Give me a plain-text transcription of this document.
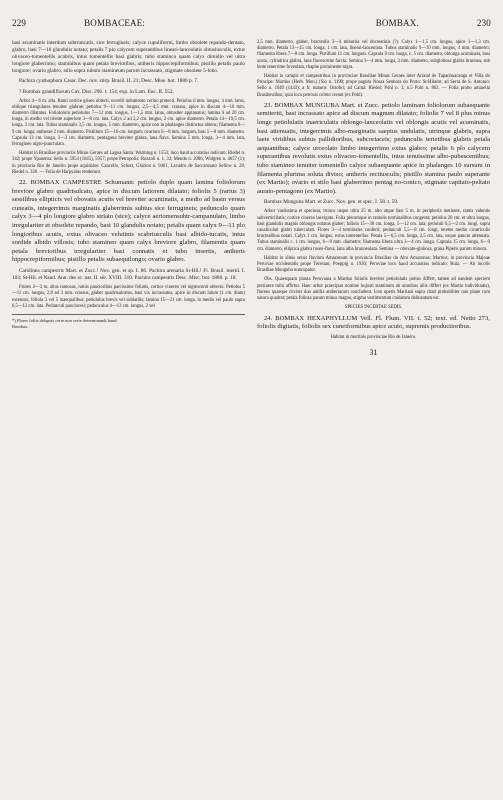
229	BOMBACEAE:	BOMBAX.	230

basi acuminatis interdum subtruncatis, sice ferrugineis; calyce cupuliformi, limbo obsolete repando-dentato, glabro, basi 7—10 glandulis notato; petalis 7 plo calycem superantibus lineari-lanceolatis obtusiusculis, extus olivaceo-tomentellis acabris, intus tomentellis basi glabris; tubo staminco quam calyx dimidio vel ultra longiore glaberrimo; staminibus quam petala brevioribus, antheris hippocrepiformibus; pistillo petalis paulo longiore; ovario glabro, stilo supra tubum stamineum parum incrassato, stigmate obsolete 5-lobo.

Pachira cyathophora Casar. Dec. nov. stirp. Brasil. II. 21; Desc. Mise. bot. 1880 p. 7.

? Bombax grandiflorum Cav. Diss. 296. t. 154, exp. in Lam. Enc. II. 552.

Arbor 4—6 m. alta. Rami cortice griseo obtecti, novelli indumento cerino protecti. Petiolus 6 mm. longus, 4 mm. latus, oblique triangulares tenuiter glabrae; petiolus 9—11 cm. longus, 2,5—4,5 mm. crassus, apice in discum 4—10 mm. diametro dilatatus. Foliolorum petiolulus 7—12 mm. longus, 1—1,5 mm. latus, obtusiter applanatus; lamina 6 ad 20 cm. longa, in medio vel triente superiore 3—8 cm. lata. Calyx 2 ad 2,2 cm. longus, 2 cm. apice diametro. Petala 14—19,5 cm. longa, 2 cm. lata. Tubus staminalis 3,5 cm. longus, 5 mm. diametro, apice non in phalanges distinctus abiens; filamenta 8—9 cm. longa; antherae 2 mm. diametro. Pistillum 15—16 cm. longum; ovarium 6—8 mm. longum, basi 5—8 mm. diametro. Capsula 13 cm. longa, 3—3 cm. diametro, pentagona breviter glabra, lana flava. Semina 5 mm. longa, 3—4 mm. lata, ferrugineo nigro-punctulata.

Habitat in Brasiliae provinciis Minas Geraes ad Lagoa Santa: Warming n. 1553; loco haud accuratius indicato: Riedel n. 342; prope Ypanema: Sello n. 5954 (1845), 5957; prope Petropolis: Rozzoli n. 1. 33; Mendo n. 2086; Widgren n. 4657 (1); in provincia Rio de Janeiro prope aquidalos: Cancello, Schott, Glaziou n. 9461, Lavadro de Saccarosato Sellow n. 28, Riedel n. 326. — Folia de Harpyalus tenderunt.

22. BOMBAX CAMPESTRE Schumann: petiolo duplo quam lamina foliolorum breviore glabro quadrisulcato, apice in discum latiorem dilatato; foliolis 5 (rarius 3) sessilibus ellipticis vel obovatis acutis vel breviter acuminatis, a medio ad basin versus cuneatis, integerrimis marginatis glaberrimis subtus sice ferrugineis; pedunculo quam calyx 3—4 plo longiore glabro striato (sice); calyce aeriomensubtr-campanulato, limbo irregulariter et obsolete repando, basi 10 glandulis notato; petalis quam calyx 9—11 plo longioribus acutis, extus olivaceo velutinis scabriusculis basi albido-tucatis, intus sordide albido villosis; tubo stamineo quam calyx breviore glabro, filamentis quam petala brevioribus irregulariter basi connatis et tubo insertis, antheris hippocrepiformibus; pistillo petalis subaequilongo; ovario glabro.

Carolinea campestris Mart. et Zucc.! Nov. gen. et sp. I. 86. Pachira arenaria St-Hil.! Fl. Brasil. merid. I. 103; St-Hil. et Naud. Ann. des sc. nat. II. sér. XVIII. 310. Pachira campestris Desc. Misc. bot. 1880. p. 10.

Frutex 2—3 m. altus ramosus, ramis paucioribus parcissime foliatis, cortice vinereo vel nigrescenti obtecto. Petiolus 5—11 cm. longus, 2,8 ad 3 mm. crassus, glaber quadrisulcatus, basi vix incrassatus, apice in discum latum (1 cm. diam) extensus; foliola 3 vel 5 inaequalibus; petiolulus brevis vel sublatilis; lamina 15—21 cm. longa, in medio vel paulo supra 6,5—12 cm. lata. Pedunculi paucioresi; pedunculus 4—13 cm. longus, 2 vel

*) Flores foliis delapsis certe non certe determinandi haud.
Bombax.

2,5 mm. diametro, glaber, bracteolis 3—4 minutiss vel obcreatinis (?). Calyx 1—1,5 cm. longus, apice 1—1,3 cm. diametro. Petala 13—15 cm. longa, 1 cm. lata, lineari-lanceolata. Tubus staminalis 9—10 mm. longus, 4 mm. diametro; filamenta libera 7—8 cm. longa. Pistillum 11 cm. longum. Capsula 9 cm. longa, c. 5 cm. diametro, oblonga acuminata, basi acuta, cylindrica glabra, lana flavescente farcta. Semina 3—4 mm. longa, 3 mm. diametro, subglobosa glabra brunnea, sub lente tenerrime foveolata, rhaphe prominente nigra.

Habitat in campis et campestribus in provinciae Brasiliae Minas Geraes inter Arraial de Tapanhuacanga et Villa do Principe: Martius (Herb. Mon.) (Sio n. 1190; prope pagum Nossa Senhora do Porto: St-Hilaire; ad Serra de S. Antonio: Sello n. 1049 (1443); a fr. maturo: Octobri; ad Cantá: Riedel; Pohl n. 1; n.5 Pohl n. 862. — Folia probo amarella Brasilensibus; quia loco petrosis colmo creunt (ex Pohl).

23. BOMBAX MUNGUBA Mart. et Zucc. petiolo laminam foliolorum subaequante semiteriti, basi incrassato apice ad discum magnum dilatato; foliolis 7 vel 8 plus minus longe petiolulatis inaericulatis oblongo-lanceolatis vel oblongis acutis vel acuminatis, basi attenuatis, integerrimis albo-marginatis saepius undulatis, utrinque glabris, supra laete viridibus subtus pallidioribus, subcoriaceis; pedunculis terietibus glabris petala aequantibus; calyce urceolato limbo integerrimo extus glabro; petalis 6 plo calycem superantibus revolutis extus olivaceo-tomentellis, intus tenuissime albo-pubescentibus; tubo stamineo tenuiter tomentello calyce subaequante apice in phalanges 10 sursum in filamenta plurima soluta diviso; antheris rectiusculis; pistillo stamina paulo superante (ex Martio); ovario et stilo basi glaberrimo pentag no-conico, stigmate capitato-peltato aurato-pentagono (ex Martio).

Bombax Munguba Mart. et Zucc. Nov. gen. et spec. I. 58. t. 59.

Arbor vastissima et speciosa, trunco usque ultra 25 m. alto atque basi 5 m. in peripheria metiente, ramis valentis subverticillatis; cortice cinereo laevigato. Folia plerumque in ramulis terminalibus congesta; petiolus 20 cm. et ultra longus, basi glandulis magnis oblongis notatus glaber; foliola 15—30 cm. longa, 5—12 cm. lata; petioluli 0,5—2 cm. longi, supra canaliculati glabri tuberculati. Flores 3—4 terminales conferti; pedunculi 5,5—8 cm. longi, teretes medio cicatriculis bractealibus notati. Calyx 1 cm. longus, extus tomentellus. Petala 5—6,5 cm. longa, 2,5 cm. lata, usque paucas attenuata. Tubus staminalis c. 1 cm. longus, 6—9 mm. diametro; filamenta libera ultra 3—4 cm. longa. Capsula 15 cm. longa, 6—9 cm. diametro, elliptica glabra roseo-flava; lana alba brunneolata. Semina — obovato-globosa, grana Piperis parum minora.

Habitat in sileis secus fluvium Amazonum in provincia Brasiliae do Alto Amazonas; Martius; in provincia Majoae Peruviae occidentalis prope Teresiao; Poeppig n. 1930; Peruviae loco haud accuratius indicato: Ruiz. — Ab incolis Brasiliae Munguba nuncupatur.

Obs. Quaesquam planta Peruviana a Martius foliolis breviter petiolulatis potius differt, tamen ad eandem speciem pertinere mihi affirtur. Haec arbor praecipuo nomine hujusti staminum ab omnibus aliis differt (ex Martio individuatis), florens quaeque circiter duo antilia antheriarum concludent. Icon operis Martiani supra citati probabiliter non plane cum natura quadrat; petala foliosa parum minus magna, stigma vestimentum cnidarum delineatum est.

SPECIES INCERTAE SEDIS.

24. BOMBAX HEXAPHYLLUM Vell. Fl. Flum. VII. t. 52; text. ed. Netto 273, foliolis digitatis, foliolis sex cuneiformibus apice acuto, supremis productioribus.

Habitat in mortinis provinciae Rio de Janeiro.

31
